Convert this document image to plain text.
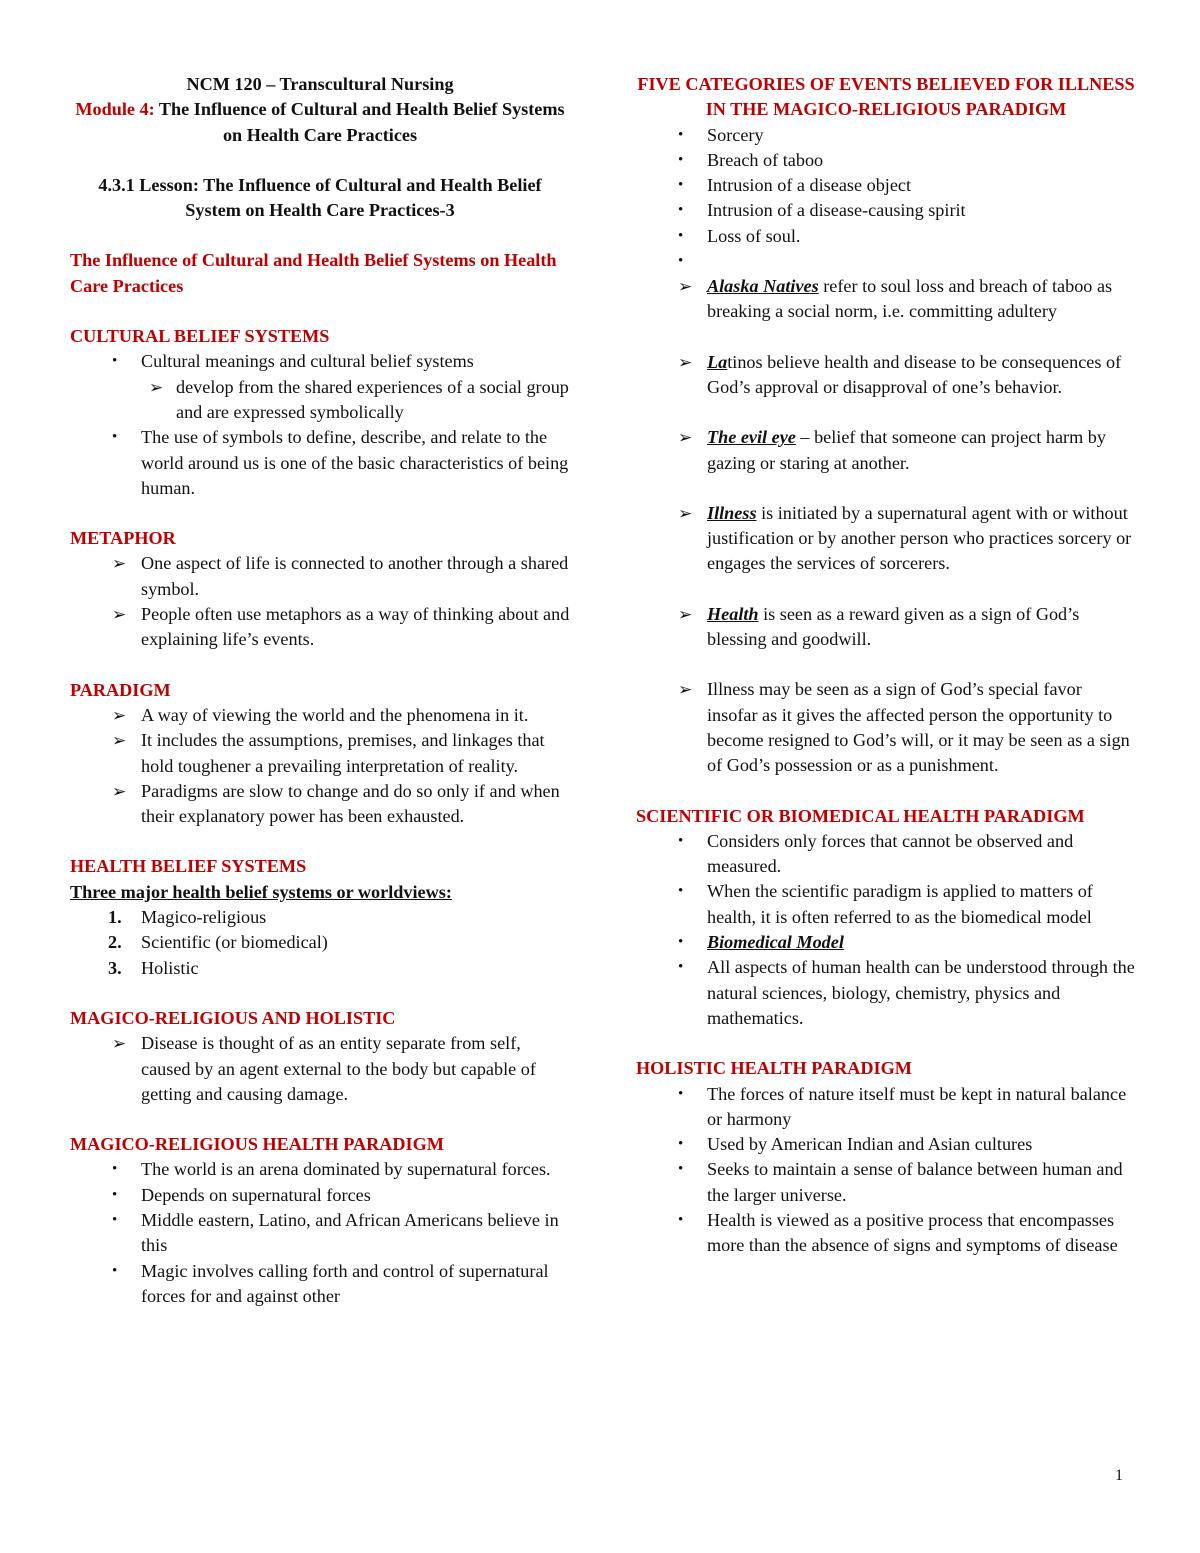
NCM 120 – Transcultural Nursing

Module 4: The Influence of Cultural and Health Belief Systems on Health Care Practices

4.3.1 Lesson: The Influence of Cultural and Health Belief System on Health Care Practices-3

The Influence of Cultural and Health Belief Systems on Health Care Practices

CULTURAL BELIEF SYSTEMS

• Cultural meanings and cultural belief systems
➢ develop from the shared experiences of a social group and are expressed symbolically
• The use of symbols to define, describe, and relate to the world around us is one of the basic characteristics of being human.

METAPHOR

➢ One aspect of life is connected to another through a shared symbol.
➢ People often use metaphors as a way of thinking about and explaining life’s events.

PARADIGM

➢ A way of viewing the world and the phenomena in it.
➢ It includes the assumptions, premises, and linkages that hold toughener a prevailing interpretation of reality.
➢ Paradigms are slow to change and do so only if and when their explanatory power has been exhausted.

HEALTH BELIEF SYSTEMS

Three major health belief systems or worldviews:

1. Magico-religious
2. Scientific (or biomedical)
3. Holistic

MAGICO-RELIGIOUS AND HOLISTIC

➢ Disease is thought of as an entity separate from self, caused by an agent external to the body but capable of getting and causing damage.

MAGICO-RELIGIOUS HEALTH PARADIGM

• The world is an arena dominated by supernatural forces.
• Depends on supernatural forces
• Middle eastern, Latino, and African Americans believe in this
• Magic involves calling forth and control of supernatural forces for and against other

FIVE CATEGORIES OF EVENTS BELIEVED FOR ILLNESS IN THE MAGICO-RELIGIOUS PARADIGM

• Sorcery
• Breach of taboo
• Intrusion of a disease object
• Intrusion of a disease-causing spirit
• Loss of soul.
•
➢ Alaska Natives refer to soul loss and breach of taboo as breaking a social norm, i.e. committing adultery
➢ Latinos believe health and disease to be consequences of God’s approval or disapproval of one’s behavior.
➢ The evil eye – belief that someone can project harm by gazing or staring at another.
➢ Illness is initiated by a supernatural agent with or without justification or by another person who practices sorcery or engages the services of sorcerers.
➢ Health is seen as a reward given as a sign of God’s blessing and goodwill.
➢ Illness may be seen as a sign of God’s special favor insofar as it gives the affected person the opportunity to become resigned to God’s will, or it may be seen as a sign of God’s possession or as a punishment.

SCIENTIFIC OR BIOMEDICAL HEALTH PARADIGM

• Considers only forces that cannot be observed and measured.
• When the scientific paradigm is applied to matters of health, it is often referred to as the biomedical model
• Biomedical Model
• All aspects of human health can be understood through the natural sciences, biology, chemistry, physics and mathematics.

HOLISTIC HEALTH PARADIGM

• The forces of nature itself must be kept in natural balance or harmony
• Used by American Indian and Asian cultures
• Seeks to maintain a sense of balance between human and the larger universe.
• Health is viewed as a positive process that encompasses more than the absence of signs and symptoms of disease
1
